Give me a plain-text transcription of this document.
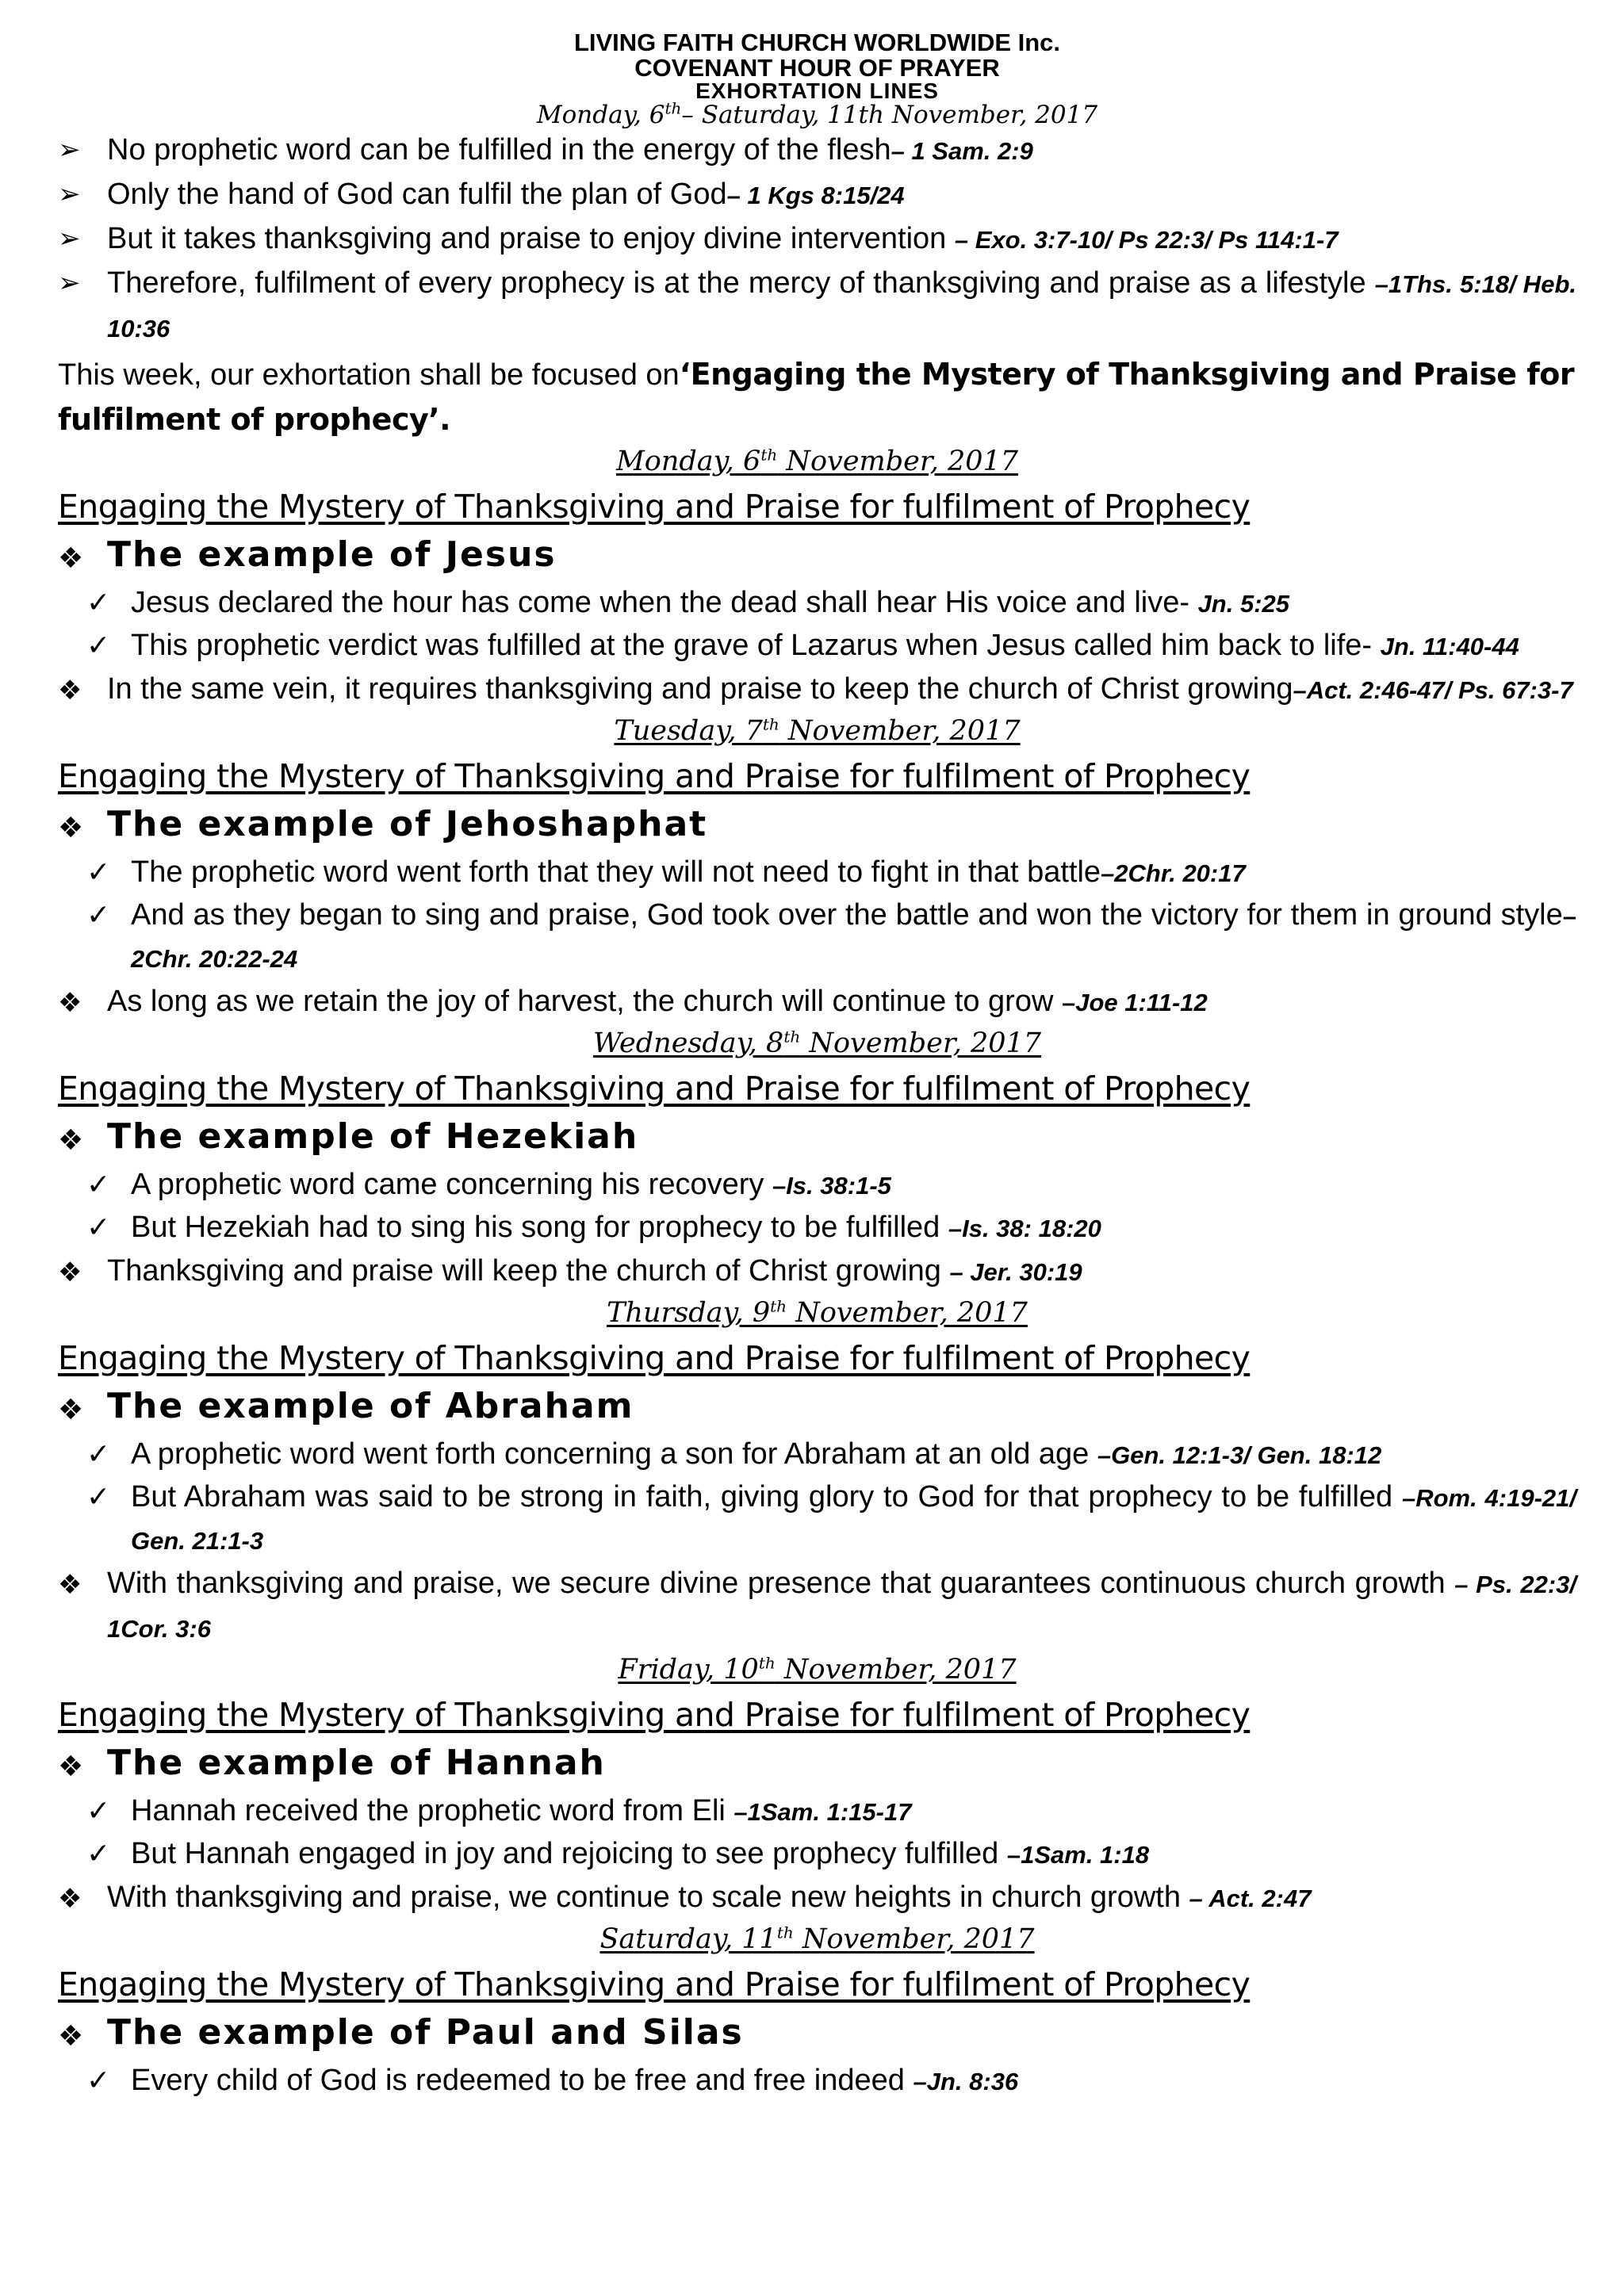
LIVING FAITH CHURCH WORLDWIDE Inc.
COVENANT HOUR OF PRAYER
EXHORTATION LINES
Monday, 6th– Saturday, 11th November, 2017
➢ No prophetic word can be fulfilled in the energy of the flesh– 1 Sam. 2:9
➢ Only the hand of God can fulfil the plan of God– 1 Kgs 8:15/24
➢ But it takes thanksgiving and praise to enjoy divine intervention – Exo. 3:7-10/ Ps 22:3/ Ps 114:1-7
➢ Therefore, fulfilment of every prophecy is at the mercy of thanksgiving and praise as a lifestyle –1Ths. 5:18/ Heb. 10:36
This week, our exhortation shall be focused on‘Engaging the Mystery of Thanksgiving and Praise for fulfilment of prophecy’.
Monday, 6th November, 2017
Engaging the Mystery of Thanksgiving and Praise for fulfilment of Prophecy
❖ The example of Jesus
✓ Jesus declared the hour has come when the dead shall hear His voice and live- Jn. 5:25
✓ This prophetic verdict was fulfilled at the grave of Lazarus when Jesus called him back to life- Jn. 11:40-44
❖ In the same vein, it requires thanksgiving and praise to keep the church of Christ growing–Act. 2:46-47/ Ps. 67:3-7
Tuesday, 7th November, 2017
Engaging the Mystery of Thanksgiving and Praise for fulfilment of Prophecy
❖ The example of Jehoshaphat
✓ The prophetic word went forth that they will not need to fight in that battle–2Chr. 20:17
✓ And as they began to sing and praise, God took over the battle and won the victory for them in ground style–2Chr. 20:22-24
❖ As long as we retain the joy of harvest, the church will continue to grow –Joe 1:11-12
Wednesday, 8th November, 2017
Engaging the Mystery of Thanksgiving and Praise for fulfilment of Prophecy
❖ The example of Hezekiah
✓ A prophetic word came concerning his recovery –Is. 38:1-5
✓ But Hezekiah had to sing his song for prophecy to be fulfilled –Is. 38: 18:20
❖ Thanksgiving and praise will keep the church of Christ growing – Jer. 30:19
Thursday, 9th November, 2017
Engaging the Mystery of Thanksgiving and Praise for fulfilment of Prophecy
❖ The example of Abraham
✓ A prophetic word went forth concerning a son for Abraham at an old age –Gen. 12:1-3/ Gen. 18:12
✓ But Abraham was said to be strong in faith, giving glory to God for that prophecy to be fulfilled –Rom. 4:19-21/ Gen. 21:1-3
❖ With thanksgiving and praise, we secure divine presence that guarantees continuous church growth – Ps. 22:3/ 1Cor. 3:6
Friday, 10th November, 2017
Engaging the Mystery of Thanksgiving and Praise for fulfilment of Prophecy
❖ The example of Hannah
✓ Hannah received the prophetic word from Eli –1Sam. 1:15-17
✓ But Hannah engaged in joy and rejoicing to see prophecy fulfilled –1Sam. 1:18
❖ With thanksgiving and praise, we continue to scale new heights in church growth – Act. 2:47
Saturday, 11th November, 2017
Engaging the Mystery of Thanksgiving and Praise for fulfilment of Prophecy
❖ The example of Paul and Silas
✓ Every child of God is redeemed to be free and free indeed –Jn. 8:36
